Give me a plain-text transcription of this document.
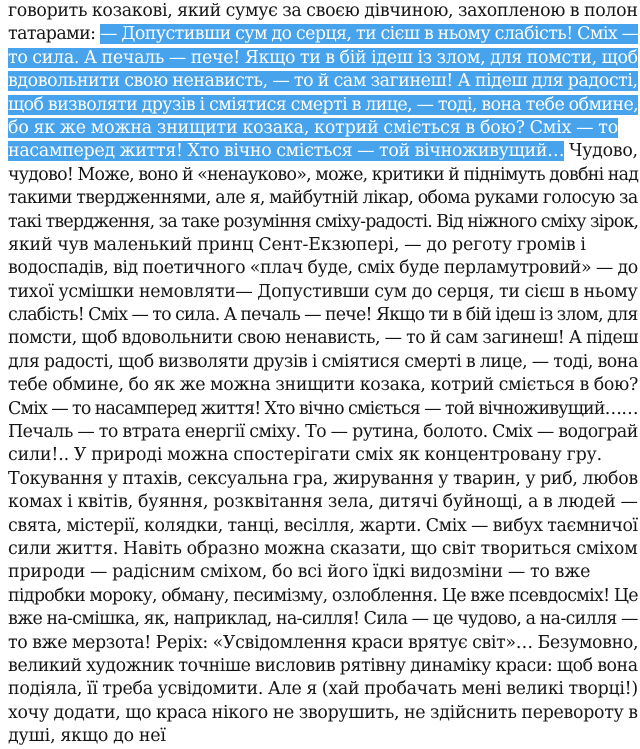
говорить козакові, який сумує за своєю дівчиною, захопленою в полон
татарами: — Допустивши сум до серця, ти сієш в ньому слабість! Сміх —
то сила. А печаль — пече! Якщо ти в бій ідеш із злом, для помсти, щоб
вдовольнити свою ненависть, — то й сам загинеш! А підеш для радості,
щоб визволяти друзів і сміятися смерті в лице, — тоді, вона тебе обмине,
бо як же можна знищити козака, котрий сміється в бою? Сміх — то
насамперед життя! Хто вічно сміється — той вічноживущий… Чудово,
чудово! Може, воно й «ненауково», може, критики й піднімуть довбні над
такими твердженнями, але я, майбутній лікар, обома руками голосую за
такі твердження, за таке розуміння сміху-радості. Від ніжного сміху зірок,
який чув маленький принц Сент-Екзюпері, — до реготу громів і
водоспадів, від поетичного «плач буде, сміх буде перламутровий» — до
тихої усмішки немовляти— Допустивши сум до серця, ти сієш в ньому
слабість! Сміх — то сила. А печаль — пече! Якщо ти в бій ідеш із злом, для
помсти, щоб вдовольнити свою ненависть, — то й сам загинеш! А підеш
для радості, щоб визволяти друзів і сміятися смерті в лице, — тоді, вона
тебе обмине, бо як же можна знищити козака, котрий сміється в бою?
Сміх — то насамперед життя! Хто вічно сміється — той вічноживущий……
Печаль — то втрата енергії сміху. То — рутина, болото. Сміх — водограй
сили!.. У природі можна спостерігати сміх як концентровану гру.
Токування у птахів, сексуальна гра, жирування у тварин, у риб, любов
комах і квітів, буяння, розквітання зела, дитячі буйнощі, а в людей —
свята, містерії, колядки, танці, весілля, жарти. Сміх — вибух таємничої
сили життя. Навіть образно можна сказати, що світ твориться сміхом
природи — радісним сміхом, бо всі його їдкі видозміни — то вже
підробки мороку, обману, песимізму, озлоблення. Це вже псевдосміх! Це
вже на-смішка, як, наприклад, на-силля! Сила — це чудово, а на-силля —
то вже мерзота! Реріх: «Усвідомлення краси врятує світ»… Безумовно,
великий художник точніше висловив рятівну динаміку краси: щоб вона
подіяла, її треба усвідомити. Але я (хай пробачать мені великі творці!)
хочу додати, що краса нікого не зворушить, не здійснить перевороту в
душі, якщо до неї
